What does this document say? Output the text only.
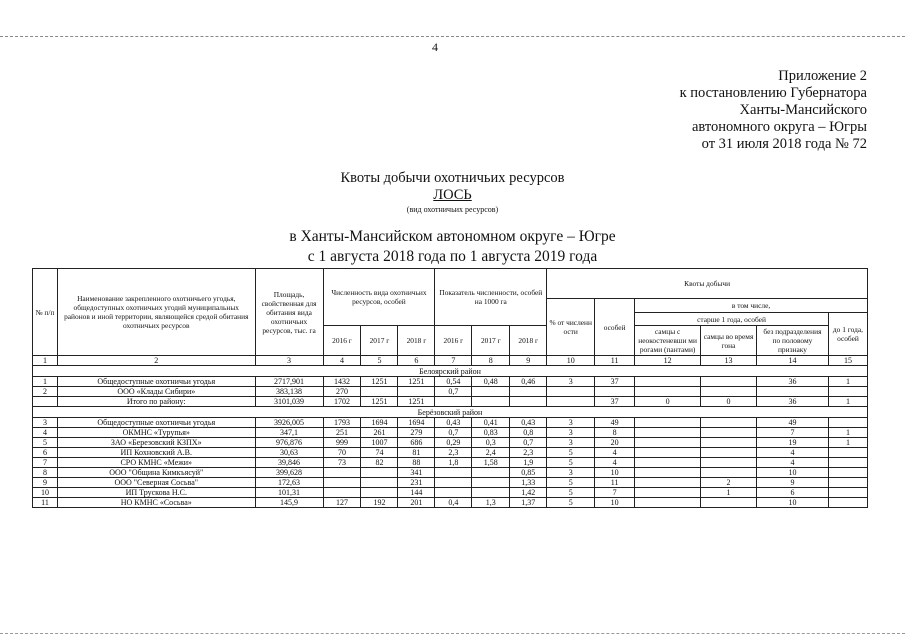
4
Приложение 2
к постановлению Губернатора
Ханты-Мансийского
автономного округа – Югры
от 31 июля 2018 года № 72
Квоты добычи охотничьих ресурсов
ЛОСЬ
(вид охотничьих ресурсов)
в Ханты-Мансийском автономном округе – Югре
с 1 августа 2018 года по 1 августа 2019 года
№ п/п	Наименование закрепленного охотничьего угодья, общедоступных охотничьих угодий муниципальных районов и иной территории, являющейся средой обитания охотничьих ресурсов	Площадь, свойственная для обитания вида охотничьих ресурсов, тыс. га	Численность вида охотничьих ресурсов, особей			Показатель численности, особей на 1000 га			Квоты добычи					
									% от численн ости	особей	в том числе,			
											старше 1 года, особей			до 1 года, особей
			2016 г	2017 г	2018 г	2016 г	2017 г	2018 г			самцы с неокостеневши ми рогами (пантами)	самцы во время гона	без подразделения по половому признаку	
1	2	3	4	5	6	7	8	9	10	11	12	13	14	15
Белоярский район														
1	Общедоступные охотничьи угодья	2717,901	1432	1251	1251	0,54	0,48	0,46	3	37			36	1
2	ООО «Клады Сибири»	383,138	270			0,7								
	Итого по району:	3101,039	1702	1251	1251					37	0	0	36	1
Берёзовский район														
3	Общедоступные охотничьи угодья	3926,005	1793	1694	1694	0,43	0,41	0,43	3	49			49	
4	ОКМНС «Турупья»	347,1	251	261	279	0,7	0,83	0,8	3	8			7	1
5	ЗАО «Березовский КЗПХ»	976,876	999	1007	686	0,29	0,3	0,7	3	20			19	1
6	ИП Кохновский А.В.	30,63	70	74	81	2,3	2,4	2,3	5	4			4	
7	СРО КМНС «Межи»	39,846	73	82	88	1,8	1,58	1,9	5	4			4	
8	ООО "Община Кимкъясуй"	399,628			341			0,85	3	10			10	
9	ООО "Северная Сосьва"	172,63			231			1,33	5	11		2	9	
10	ИП Трускова Н.С.	101,31			144			1,42	5	7		1	6	
11	НО КМНС «Сосьва»	145,9	127	192	201	0,4	1,3	1,37	5	10			10	
